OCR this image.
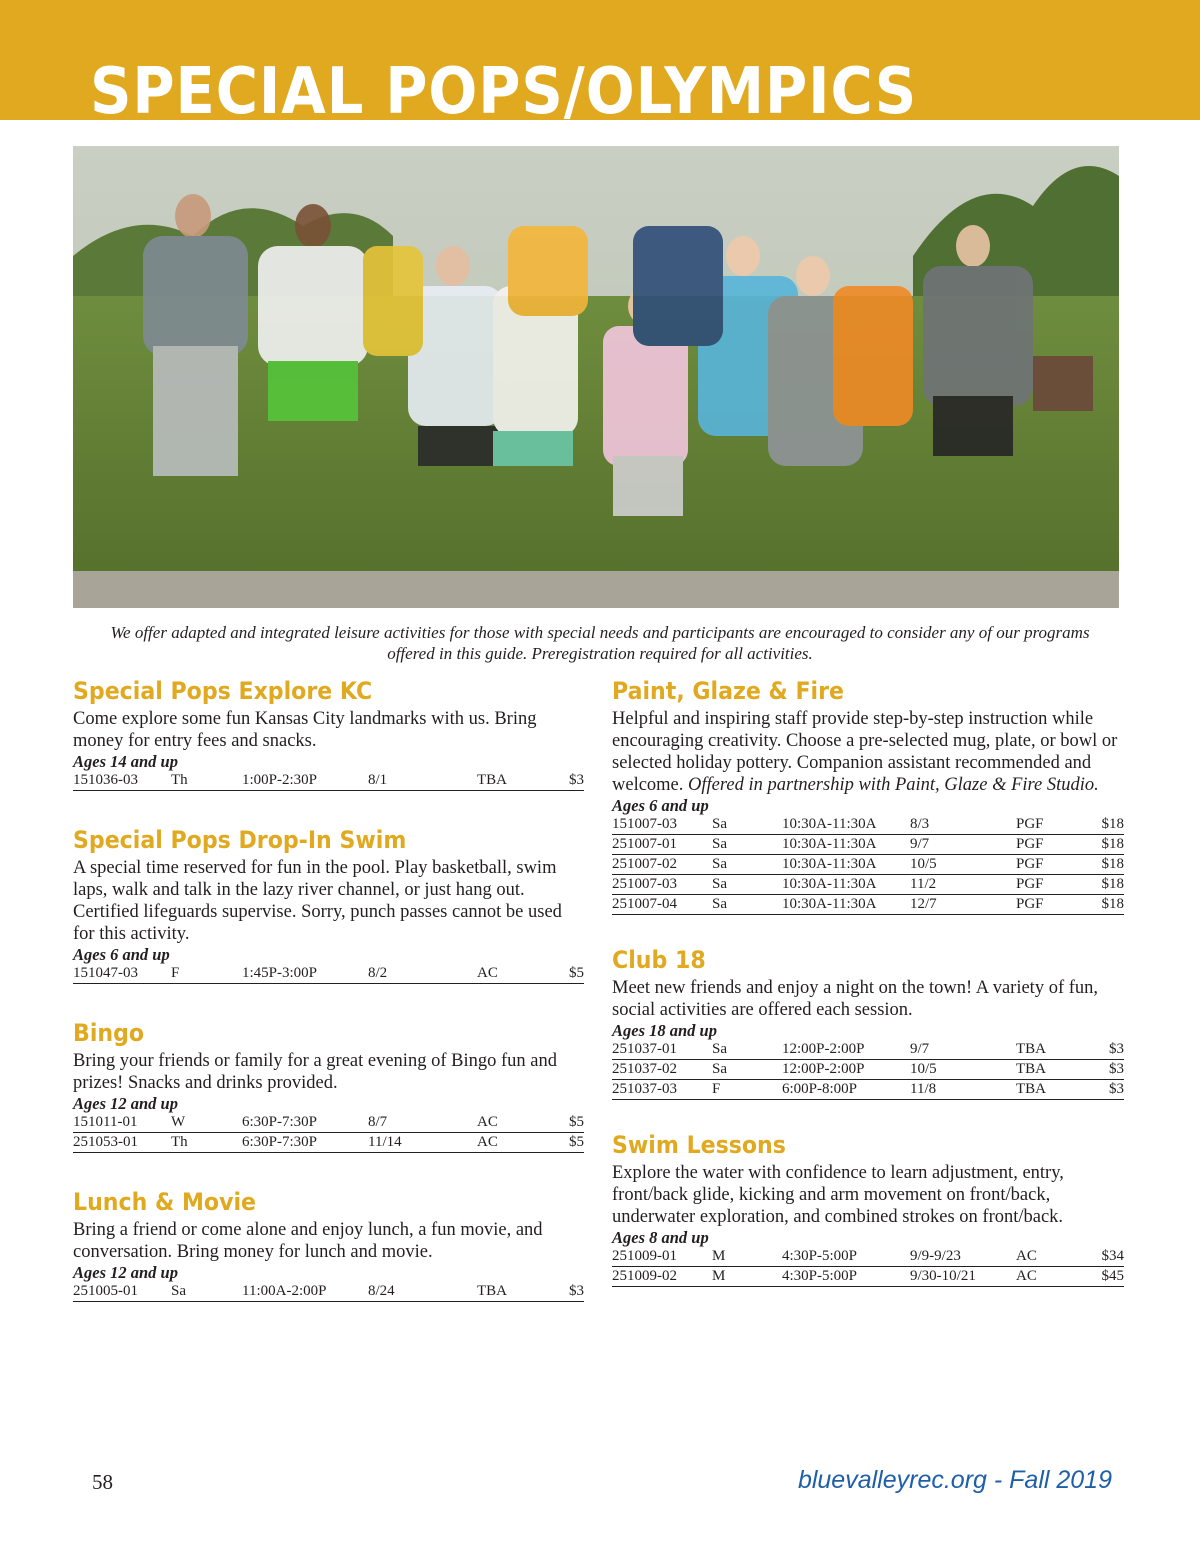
SPECIAL POPS/OLYMPICS

We offer adapted and integrated leisure activities for those with special needs and participants are encouraged to consider any of our programs offered in this guide. Preregistration required for all activities.

Special Pops Explore KC

Come explore some fun Kansas City landmarks with us. Bring money for entry fees and snacks.

Ages 14 and up

151036-03	Th	1:00P-2:30P	8/1	TBA	$3
Special Pops Drop-In Swim

A special time reserved for fun in the pool. Play basketball, swim laps, walk and talk in the lazy river channel, or just hang out. Certified lifeguards supervise. Sorry, punch passes cannot be used for this activity.

Ages 6 and up

151047-03	F	1:45P-3:00P	8/2	AC	$5
Bingo

Bring your friends or family for a great evening of Bingo fun and prizes! Snacks and drinks provided.

Ages 12 and up

151011-01	W	6:30P-7:30P	8/7	AC	$5
251053-01	Th	6:30P-7:30P	11/14	AC	$5
Lunch & Movie

Bring a friend or come alone and enjoy lunch, a fun movie, and conversation. Bring money for lunch and movie.

Ages 12 and up

251005-01	Sa	11:00A-2:00P	8/24	TBA	$3
Paint, Glaze & Fire

Helpful and inspiring staff provide step-by-step instruction while encouraging creativity. Choose a pre-selected mug, plate, or bowl or selected holiday pottery. Companion assistant recommended and welcome. Offered in partnership with Paint, Glaze & Fire Studio.

Ages 6 and up

151007-03	Sa	10:30A-11:30A	8/3	PGF	$18
251007-01	Sa	10:30A-11:30A	9/7	PGF	$18
251007-02	Sa	10:30A-11:30A	10/5	PGF	$18
251007-03	Sa	10:30A-11:30A	11/2	PGF	$18
251007-04	Sa	10:30A-11:30A	12/7	PGF	$18
Club 18

Meet new friends and enjoy a night on the town! A variety of fun, social activities are offered each session.

Ages 18 and up

251037-01	Sa	12:00P-2:00P	9/7	TBA	$3
251037-02	Sa	12:00P-2:00P	10/5	TBA	$3
251037-03	F	6:00P-8:00P	11/8	TBA	$3
Swim Lessons

Explore the water with confidence to learn adjustment, entry, front/back glide, kicking and arm movement on front/back, underwater exploration, and combined strokes on front/back.

Ages 8 and up

251009-01	M	4:30P-5:00P	9/9-9/23	AC	$34
251009-02	M	4:30P-5:00P	9/30-10/21	AC	$45
58	bluevalleyrec.org - Fall 2019
